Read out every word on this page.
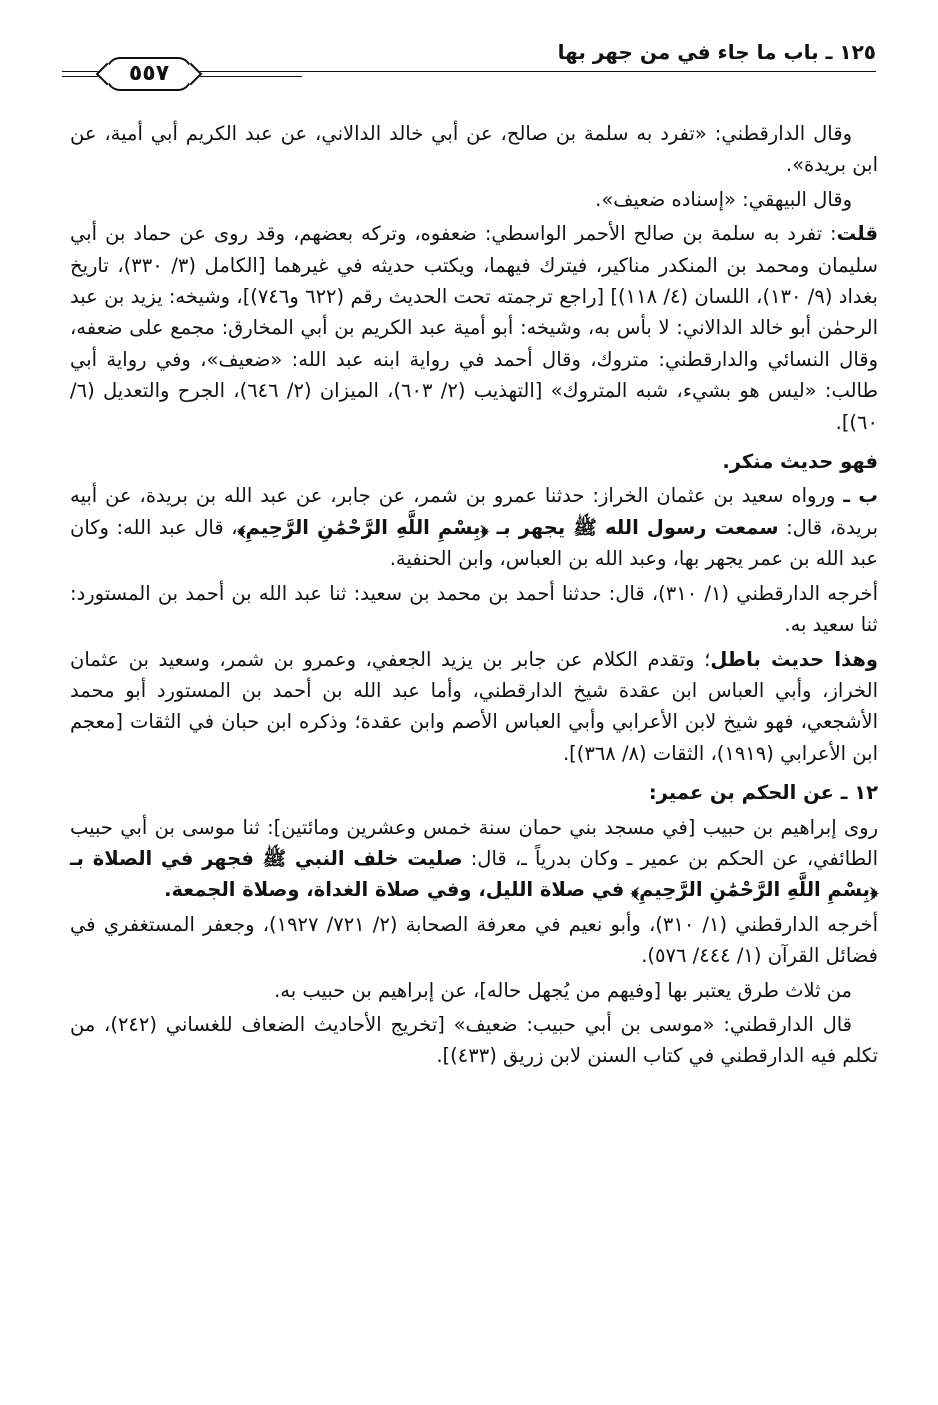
١٢٥ ـ باب ما جاء في من جهر بها
٥٥٧
وقال الدارقطني: «تفرد به سلمة بن صالح، عن أبي خالد الدالاني، عن عبد الكريم أبي أمية، عن ابن بريدة».
وقال البيهقي: «إسناده ضعيف».
قلت: تفرد به سلمة بن صالح الأحمر الواسطي: ضعفوه، وتركه بعضهم، وقد روى عن حماد بن أبي سليمان ومحمد بن المنكدر مناكير، فيترك فيهما، ويكتب حديثه في غيرهما [الكامل (٣/ ٣٣٠)، تاريخ بغداد (٩/ ١٣٠)، اللسان (٤/ ١١٨)] [راجع ترجمته تحت الحديث رقم (٦٢٢ و٧٤٦)]، وشيخه: يزيد بن عبد الرحمٰن أبو خالد الدالاني: لا بأس به، وشيخه: أبو أمية عبد الكريم بن أبي المخارق: مجمع على ضعفه، وقال النسائي والدارقطني: متروك، وقال أحمد في رواية ابنه عبد الله: «ضعيف»، وفي رواية أبي طالب: «ليس هو بشيء، شبه المتروك» [التهذيب (٢/ ٦٠٣)، الميزان (٢/ ٦٤٦)، الجرح والتعديل (٦/ ٦٠)].
فهو حديث منكر.
ب ـ ورواه سعيد بن عثمان الخراز: حدثنا عمرو بن شمر، عن جابر، عن عبد الله بن بريدة، عن أبيه بريدة، قال: سمعت رسول الله ﷺ يجهر بـ ﴿بِسْمِ اللَّهِ الرَّحْمَٰنِ الرَّحِيمِ﴾، قال عبد الله: وكان عبد الله بن عمر يجهر بها، وعبد الله بن العباس، وابن الحنفية.
أخرجه الدارقطني (١/ ٣١٠)، قال: حدثنا أحمد بن محمد بن سعيد: ثنا عبد الله بن أحمد بن المستورد: ثنا سعيد به.
وهذا حديث باطل؛ وتقدم الكلام عن جابر بن يزيد الجعفي، وعمرو بن شمر، وسعيد بن عثمان الخراز، وأبي العباس ابن عقدة شيخ الدارقطني، وأما عبد الله بن أحمد بن المستورد أبو محمد الأشجعي، فهو شيخ لابن الأعرابي وأبي العباس الأصم وابن عقدة؛ وذكره ابن حبان في الثقات [معجم ابن الأعرابي (١٩١٩)، الثقات (٨/ ٣٦٨)].
١٢ ـ عن الحكم بن عمير:
روى إبراهيم بن حبيب [في مسجد بني حمان سنة خمس وعشرين ومائتين]: ثنا موسى بن أبي حبيب الطائفي، عن الحكم بن عمير ـ وكان بدرياً ـ، قال: صليت خلف النبي ﷺ فجهر في الصلاة بـ ﴿بِسْمِ اللَّهِ الرَّحْمَٰنِ الرَّحِيمِ﴾ في صلاة الليل، وفي صلاة الغداة، وصلاة الجمعة.
أخرجه الدارقطني (١/ ٣١٠)، وأبو نعيم في معرفة الصحابة (٢/ ٧٢١/ ١٩٢٧)، وجعفر المستغفري في فضائل القرآن (١/ ٤٤٤/ ٥٧٦).
من ثلاث طرق يعتبر بها [وفيهم من يُجهل حاله]، عن إبراهيم بن حبيب به.
قال الدارقطني: «موسى بن أبي حبيب: ضعيف» [تخريج الأحاديث الضعاف للغساني (٢٤٢)، من تكلم فيه الدارقطني في كتاب السنن لابن زريق (٤٣٣)].
